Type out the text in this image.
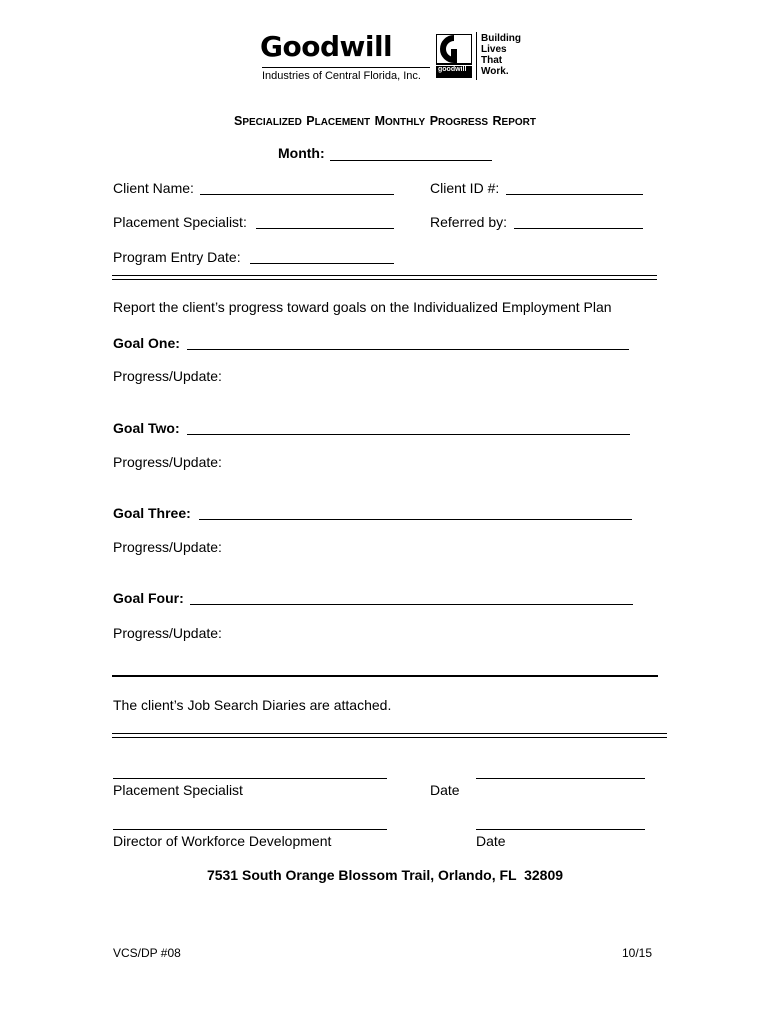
Goodwill
Industries of Central Florida, Inc.
goodwill
Building
Lives
That
Work.
SPECIALIZED PLACEMENT MONTHLY PROGRESS REPORT
Month:
Client Name:	Client ID #:
Placement Specialist:	Referred by:
Program Entry Date:
Report the client’s progress toward goals on the Individualized Employment Plan
Goal One:
Progress/Update:
Goal Two:
Progress/Update:
Goal Three:
Progress/Update:
Goal Four:
Progress/Update:
The client’s Job Search Diaries are attached.
Placement Specialist	Date
Director of Workforce Development	Date
7531 South Orange Blossom Trail, Orlando, FL  32809
VCS/DP #08	10/15
